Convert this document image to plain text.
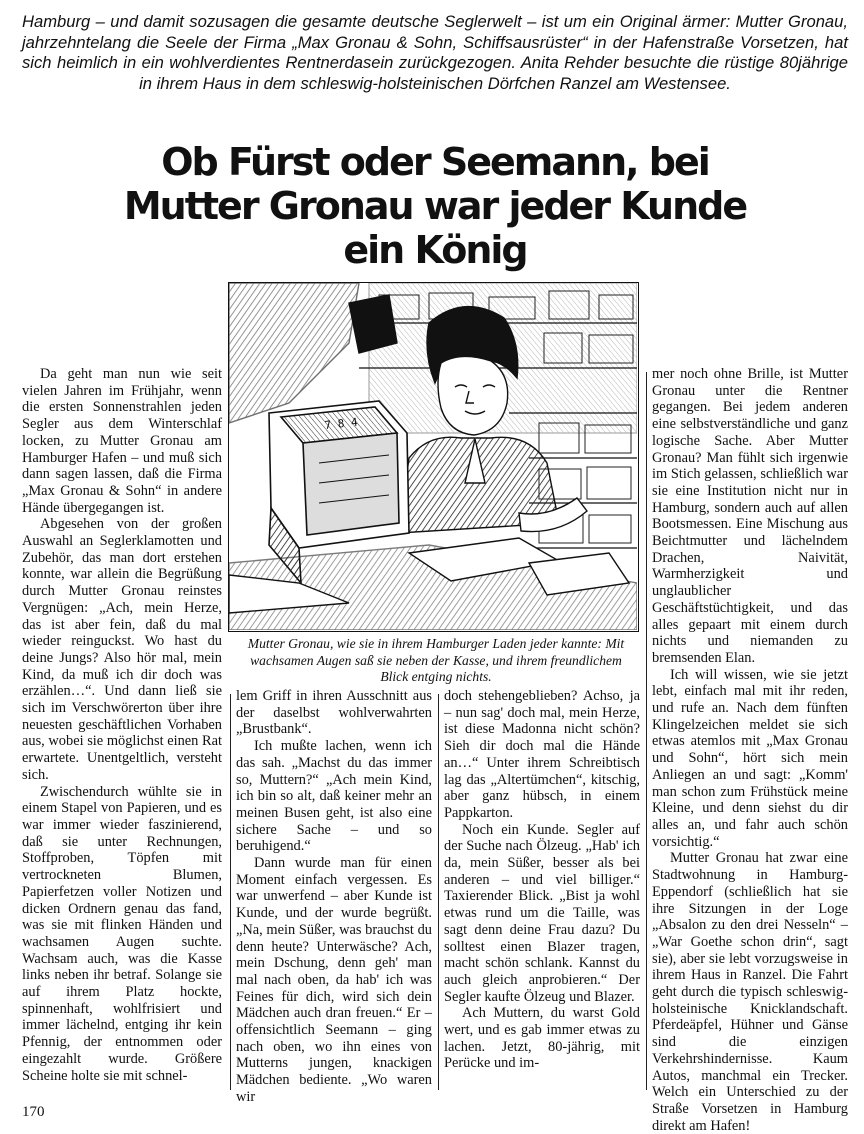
Hamburg – und damit sozusagen die gesamte deutsche Seglerwelt – ist um ein Original ärmer: Mutter Gronau, jahrzehntelang die Seele der Firma „Max Gronau & Sohn, Schiffsausrüster“ in der Hafenstraße Vorsetzen, hat sich heimlich in ein wohlverdientes Rentnerdasein zurückgezogen. Anita Rehder besuchte die rüstige 80jährige in ihrem Haus in dem schleswig-holsteinischen Dörfchen Ranzel am Westensee.

Ob Fürst oder Seemann, bei Mutter Gronau war jeder Kunde ein König
7 8 4

Mutter Gronau, wie sie in ihrem Hamburger Laden jeder kannte: Mit wachsamen Augen saß sie neben der Kasse, und ihrem freundlichem Blick entging nichts.

Da geht man nun wie seit vielen Jahren im Frühjahr, wenn die ersten Sonnenstrahlen jeden Segler aus dem Winterschlaf locken, zu Mutter Gronau am Hamburger Hafen – und muß sich dann sagen lassen, daß die Firma „Max Gronau & Sohn“ in andere Hände übergegangen ist.

Abgesehen von der großen Auswahl an Seglerklamotten und Zubehör, das man dort erstehen konnte, war allein die Begrüßung durch Mutter Gronau reinstes Vergnügen: „Ach, mein Herze, das ist aber fein, daß du mal wieder reinguckst. Wo hast du deine Jungs? Also hör mal, mein Kind, da muß ich dir doch was erzählen…“. Und dann ließ sie sich im Verschwörerton über ihre neuesten geschäftlichen Vorhaben aus, wobei sie möglichst einen Rat erwartete. Unentgeltlich, versteht sich.

Zwischendurch wühlte sie in einem Stapel von Papieren, und es war immer wieder faszinierend, daß sie unter Rechnungen, Stoffproben, Töpfen mit vertrockneten Blumen, Papierfetzen voller Notizen und dicken Ordnern genau das fand, was sie mit flinken Händen und wachsamen Augen suchte. Wachsam auch, was die Kasse links neben ihr betraf. Solange sie auf ihrem Platz hockte, spinnenhaft, wohlfrisiert und immer lächelnd, entging ihr kein Pfennig, der entnommen oder eingezahlt wurde. Größere Scheine holte sie mit schnel-

lem Griff in ihren Ausschnitt aus der daselbst wohlverwahrten „Brustbank“.

Ich mußte lachen, wenn ich das sah. „Machst du das immer so, Muttern?“ „Ach mein Kind, ich bin so alt, daß keiner mehr an meinen Busen geht, ist also eine sichere Sache – und so beruhigend.“

Dann wurde man für einen Moment einfach vergessen. Es war unwerfend – aber Kunde ist Kunde, und der wurde begrüßt. „Na, mein Süßer, was brauchst du denn heute? Unterwäsche? Ach, mein Dschung, denn geh' man mal nach oben, da hab' ich was Feines für dich, wird sich dein Mädchen auch dran freuen.“ Er – offensichtlich Seemann – ging nach oben, wo ihn eines von Mutterns jungen, knackigen Mädchen bediente. „Wo waren wir

doch stehengeblieben? Achso, ja – nun sag' doch mal, mein Herze, ist diese Madonna nicht schön? Sieh dir doch mal die Hände an…“ Unter ihrem Schreibtisch lag das „Altertümchen“, kitschig, aber ganz hübsch, in einem Pappkarton.

Noch ein Kunde. Segler auf der Suche nach Ölzeug. „Hab' ich da, mein Süßer, besser als bei anderen – und viel billiger.“ Taxierender Blick. „Bist ja wohl etwas rund um die Taille, was sagt denn deine Frau dazu? Du solltest einen Blazer tragen, macht schön schlank. Kannst du auch gleich anprobieren.“ Der Segler kaufte Ölzeug und Blazer.

Ach Muttern, du warst Gold wert, und es gab immer etwas zu lachen. Jetzt, 80-jährig, mit Perücke und im-

mer noch ohne Brille, ist Mutter Gronau unter die Rentner gegangen. Bei jedem anderen eine selbstverständliche und ganz logische Sache. Aber Mutter Gronau? Man fühlt sich irgenwie im Stich gelassen, schließlich war sie eine Institution nicht nur in Hamburg, sondern auch auf allen Bootsmessen. Eine Mischung aus Beichtmutter und lächelndem Drachen, Naivität, Warmherzigkeit und unglaublicher Geschäftstüchtigkeit, und das alles gepaart mit einem durch nichts und niemanden zu bremsenden Elan.

Ich will wissen, wie sie jetzt lebt, einfach mal mit ihr reden, und rufe an. Nach dem fünften Klingelzeichen meldet sie sich etwas atemlos mit „Max Gronau und Sohn“, hört sich mein Anliegen an und sagt: „Komm' man schon zum Frühstück meine Kleine, und denn siehst du dir alles an, und fahr auch schön vorsichtig.“

Mutter Gronau hat zwar eine Stadtwohnung in Hamburg-Eppendorf (schließlich hat sie ihre Sitzungen in der Loge „Absalon zu den drei Nesseln“ – „War Goethe schon drin“, sagt sie), aber sie lebt vorzugsweise in ihrem Haus in Ranzel. Die Fahrt geht durch die typisch schleswig-holsteinische Knicklandschaft. Pferdeäpfel, Hühner und Gänse sind die einzigen Verkehrshindernisse. Kaum Autos, manchmal ein Trecker. Welch ein Unterschied zu der Straße Vorsetzen in Hamburg direkt am Hafen!

170
